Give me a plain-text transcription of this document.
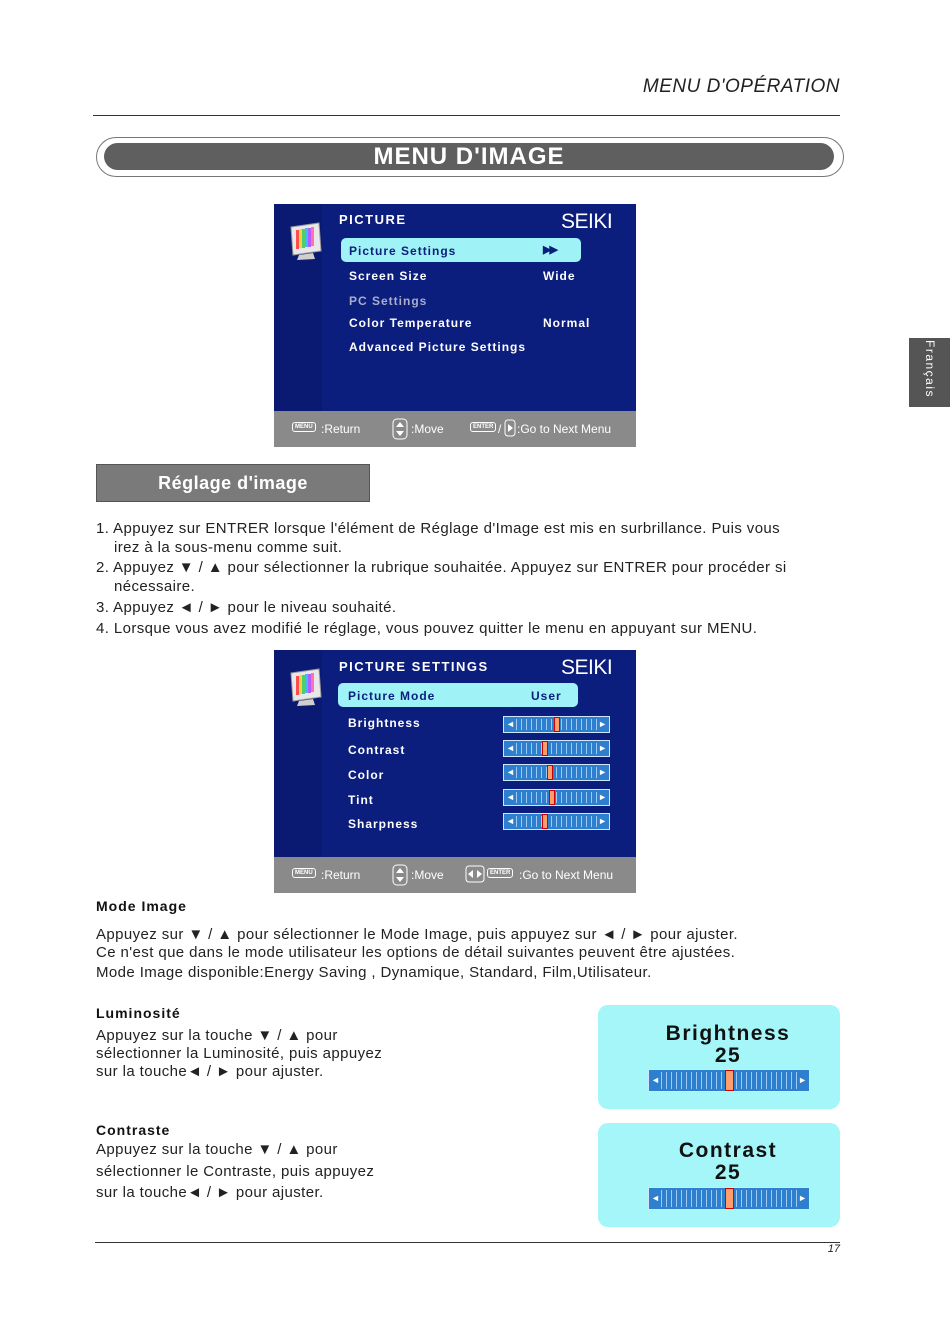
MENU D'OPÉRATION
MENU D'IMAGE
Français
PICTURE	SEIKI
Picture Settings	▶▶
Screen Size	Wide
PC Settings
Color Temperature	Normal
Advanced Picture Settings
MENU :Return	:Move	ENTER / :Go to Next Menu
Réglage d'image
1. Appuyez sur ENTRER lorsque l'élément de Réglage d'Image est mis en surbrillance. Puis vous
irez à la sous-menu comme suit.
2. Appuyez ▼ / ▲ pour sélectionner la rubrique souhaitée. Appuyez sur ENTRER pour procéder si
nécessaire.
3. Appuyez ◄ / ► pour le niveau souhaité.
4. Lorsque vous avez modifié le réglage, vous pouvez quitter le menu en appuyant sur MENU.
PICTURE SETTINGS	SEIKI
Picture Mode	User
Brightness
Contrast
Color
Tint
Sharpness
◄	►
◄	►
◄	►
◄	►
◄	►
MENU :Return	:Move	ENTER :Go to Next Menu
Mode Image
Appuyez sur ▼ / ▲ pour sélectionner le Mode Image, puis appuyez sur ◄ / ► pour ajuster.
Ce n'est que dans le mode utilisateur les options de détail suivantes peuvent être ajustées.
Mode Image disponible:Energy Saving , Dynamique, Standard, Film,Utilisateur.
Luminosité
Appuyez sur la touche ▼ / ▲ pour
sélectionner la Luminosité, puis appuyez
sur la touche◄ / ► pour ajuster.
Brightness
25
◄	►
Contraste
Appuyez sur la touche ▼ / ▲ pour
sélectionner le Contraste, puis appuyez
sur la touche◄ / ► pour ajuster.
Contrast
25
◄	►
17
